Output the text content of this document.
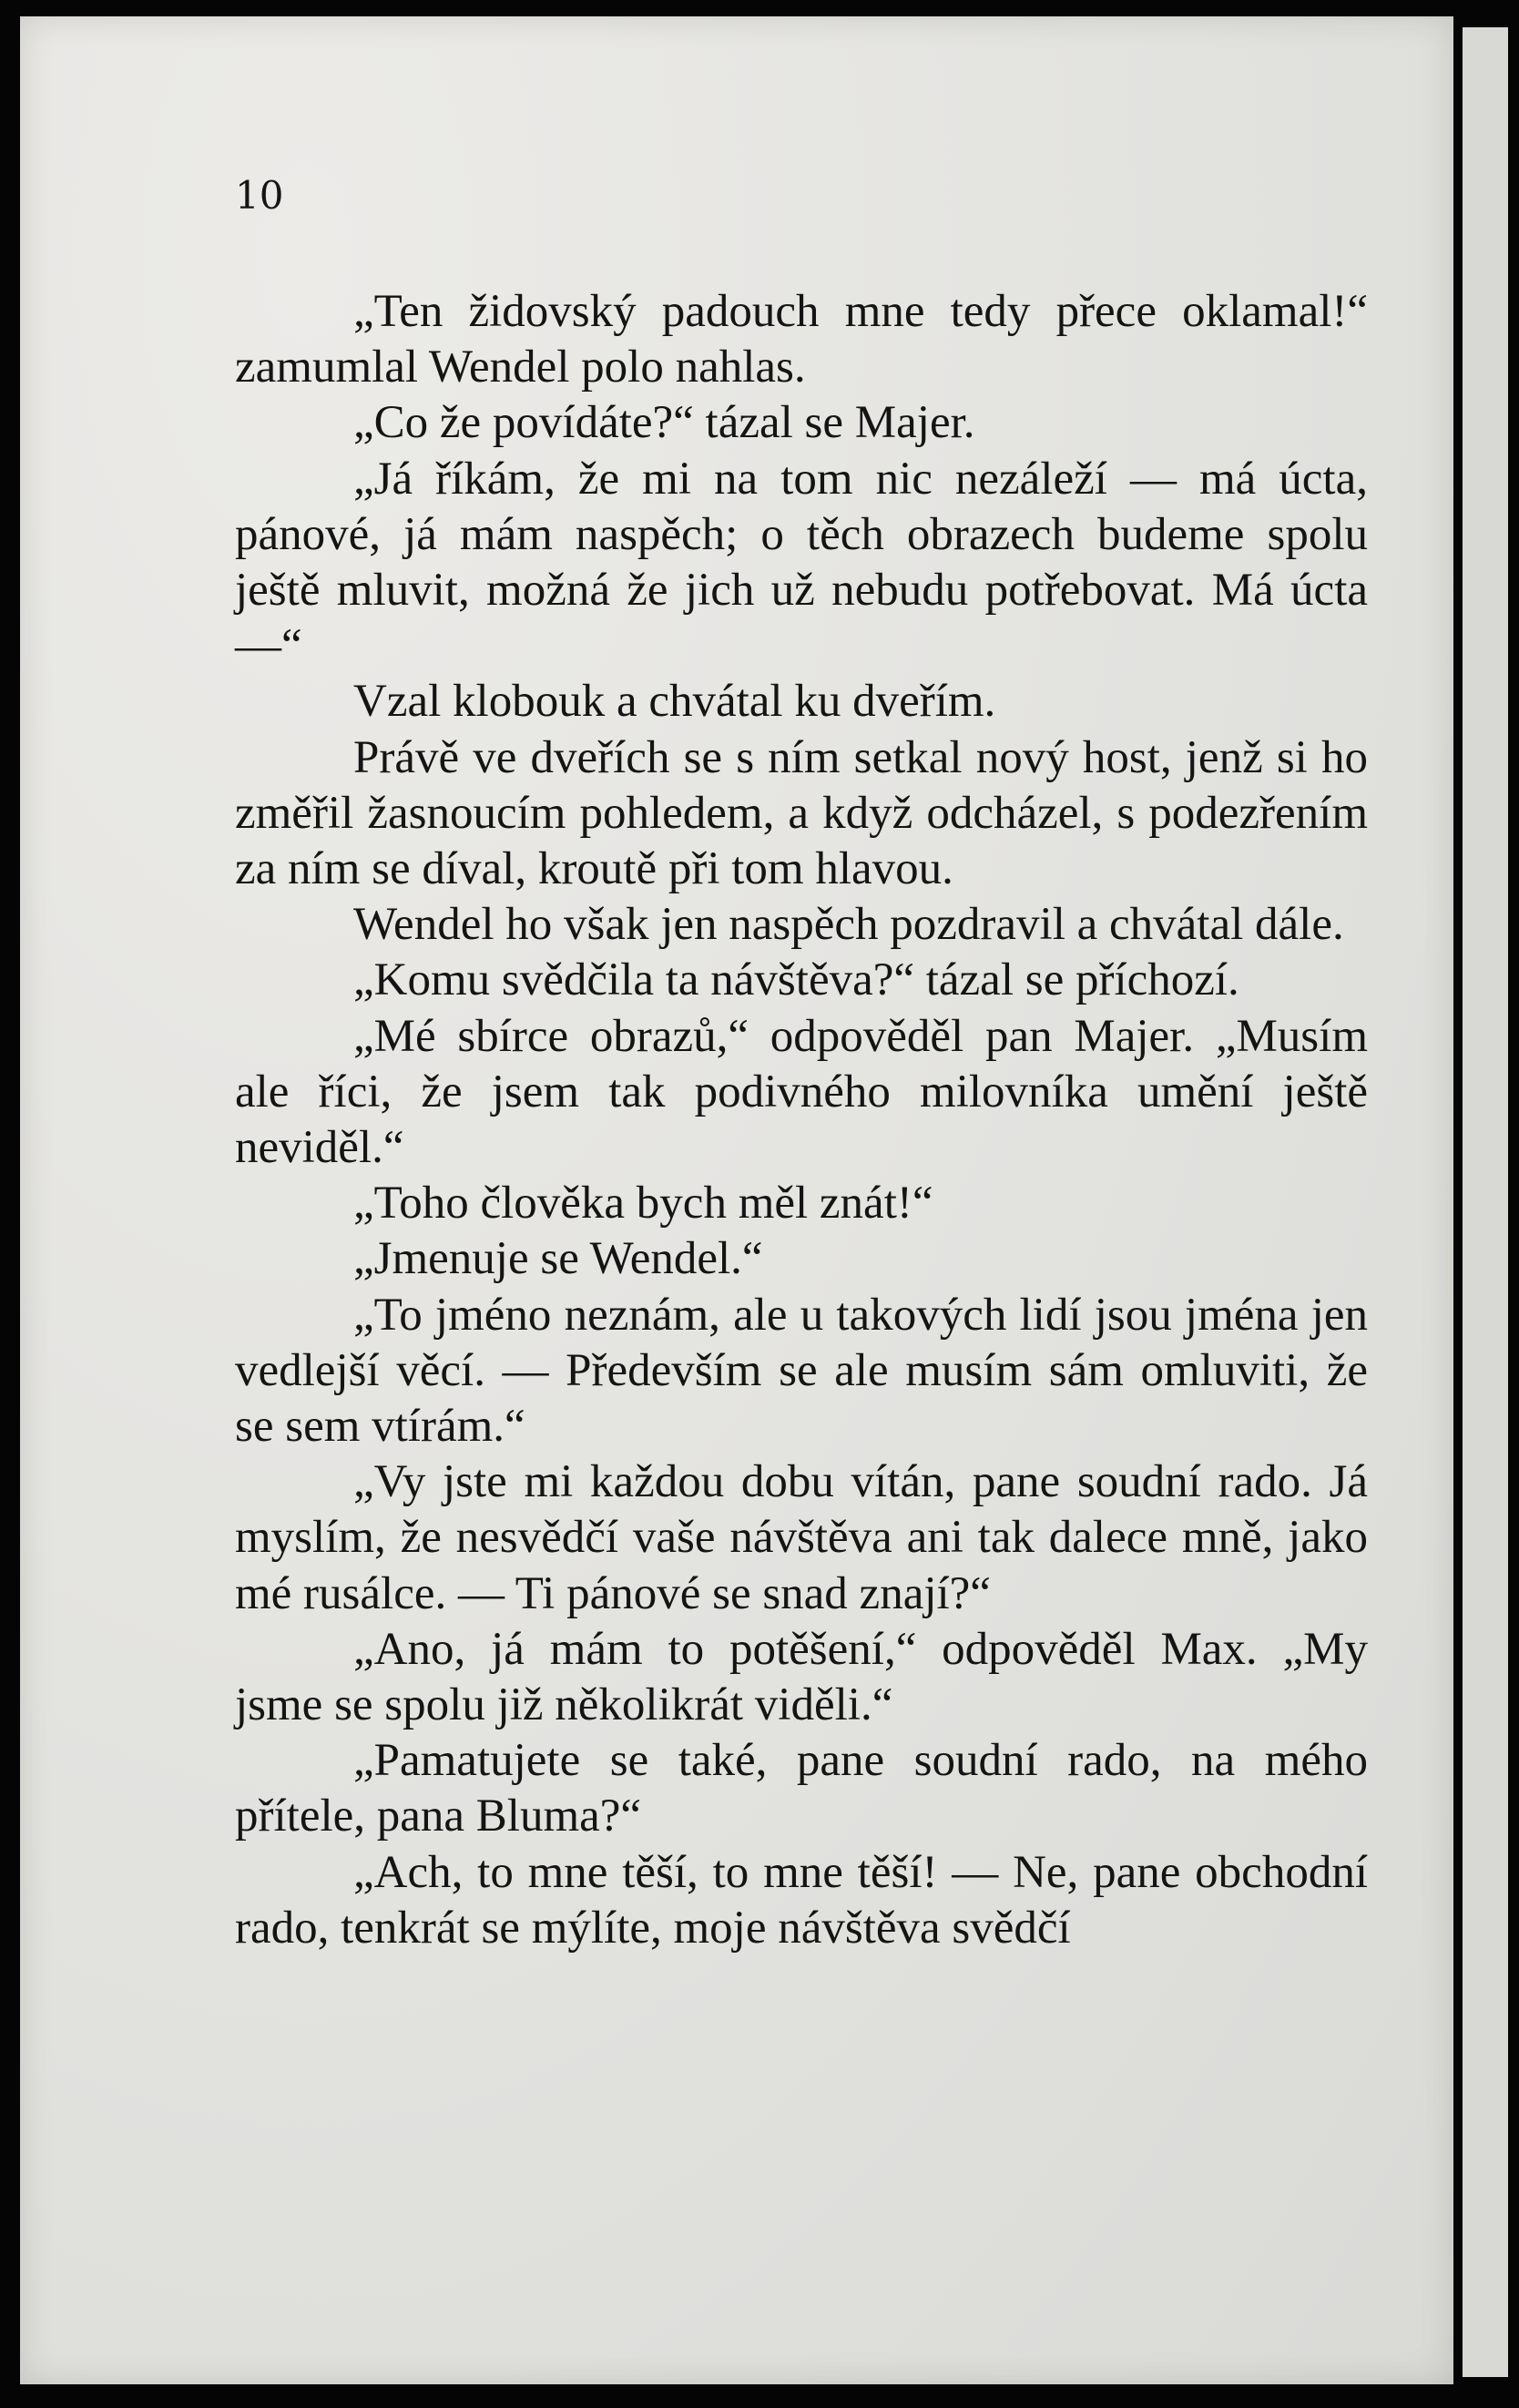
10

„Ten židovský padouch mne tedy přece oklamal!“ zamumlal Wendel polo nahlas.

„Co že povídáte?“ tázal se Majer.

„Já říkám, že mi na tom nic nezáleží — má úcta, pánové, já mám naspěch; o těch obrazech budeme spolu ještě mluvit, možná že jich už nebudu potřebovat. Má úcta —“

Vzal klobouk a chvátal ku dveřím.

Právě ve dveřích se s ním setkal nový host, jenž si ho změřil žasnoucím pohledem, a když odcházel, s podezřením za ním se díval, kroutě při tom hlavou.

Wendel ho však jen naspěch pozdravil a chvátal dále.

„Komu svědčila ta návštěva?“ tázal se příchozí.

„Mé sbírce obrazů,“ odpověděl pan Majer. „Musím ale říci, že jsem tak podivného milovníka umění ještě neviděl.“

„Toho člověka bych měl znát!“

„Jmenuje se Wendel.“

„To jméno neznám, ale u takových lidí jsou jména jen vedlejší věcí. — Především se ale musím sám omluviti, že se sem vtírám.“

„Vy jste mi každou dobu vítán, pane soudní rado. Já myslím, že nesvědčí vaše návštěva ani tak dalece mně, jako mé rusálce. — Ti pánové se snad znají?“

„Ano, já mám to potěšení,“ odpověděl Max. „My jsme se spolu již několikrát viděli.“

„Pamatujete se také, pane soudní rado, na mého přítele, pana Bluma?“

„Ach, to mne těší, to mne těší! — Ne, pane obchodní rado, tenkrát se mýlíte, moje návštěva svědčí
